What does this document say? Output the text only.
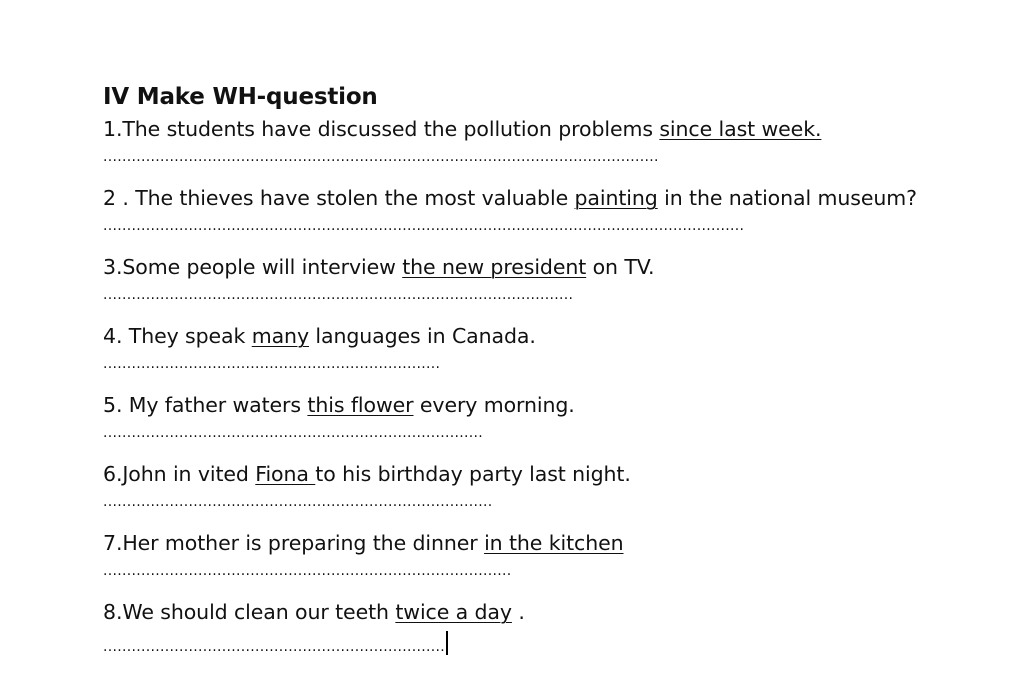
IV Make WH-question
1.The students have discussed the pollution problems since last week.
.....................................................................................................................
2 . The thieves have stolen the most valuable painting in the national museum?
.......................................................................................................................................
3.Some people will interview the new president on TV.
...................................................................................................
4. They speak many languages in Canada.
.......................................................................
5. My father waters this flower every morning.
................................................................................
6.John in vited Fiona to his birthday party last night.
..................................................................................
7.Her mother is preparing the dinner in the kitchen
......................................................................................
8.We should clean our teeth twice a day .
........................................................................
